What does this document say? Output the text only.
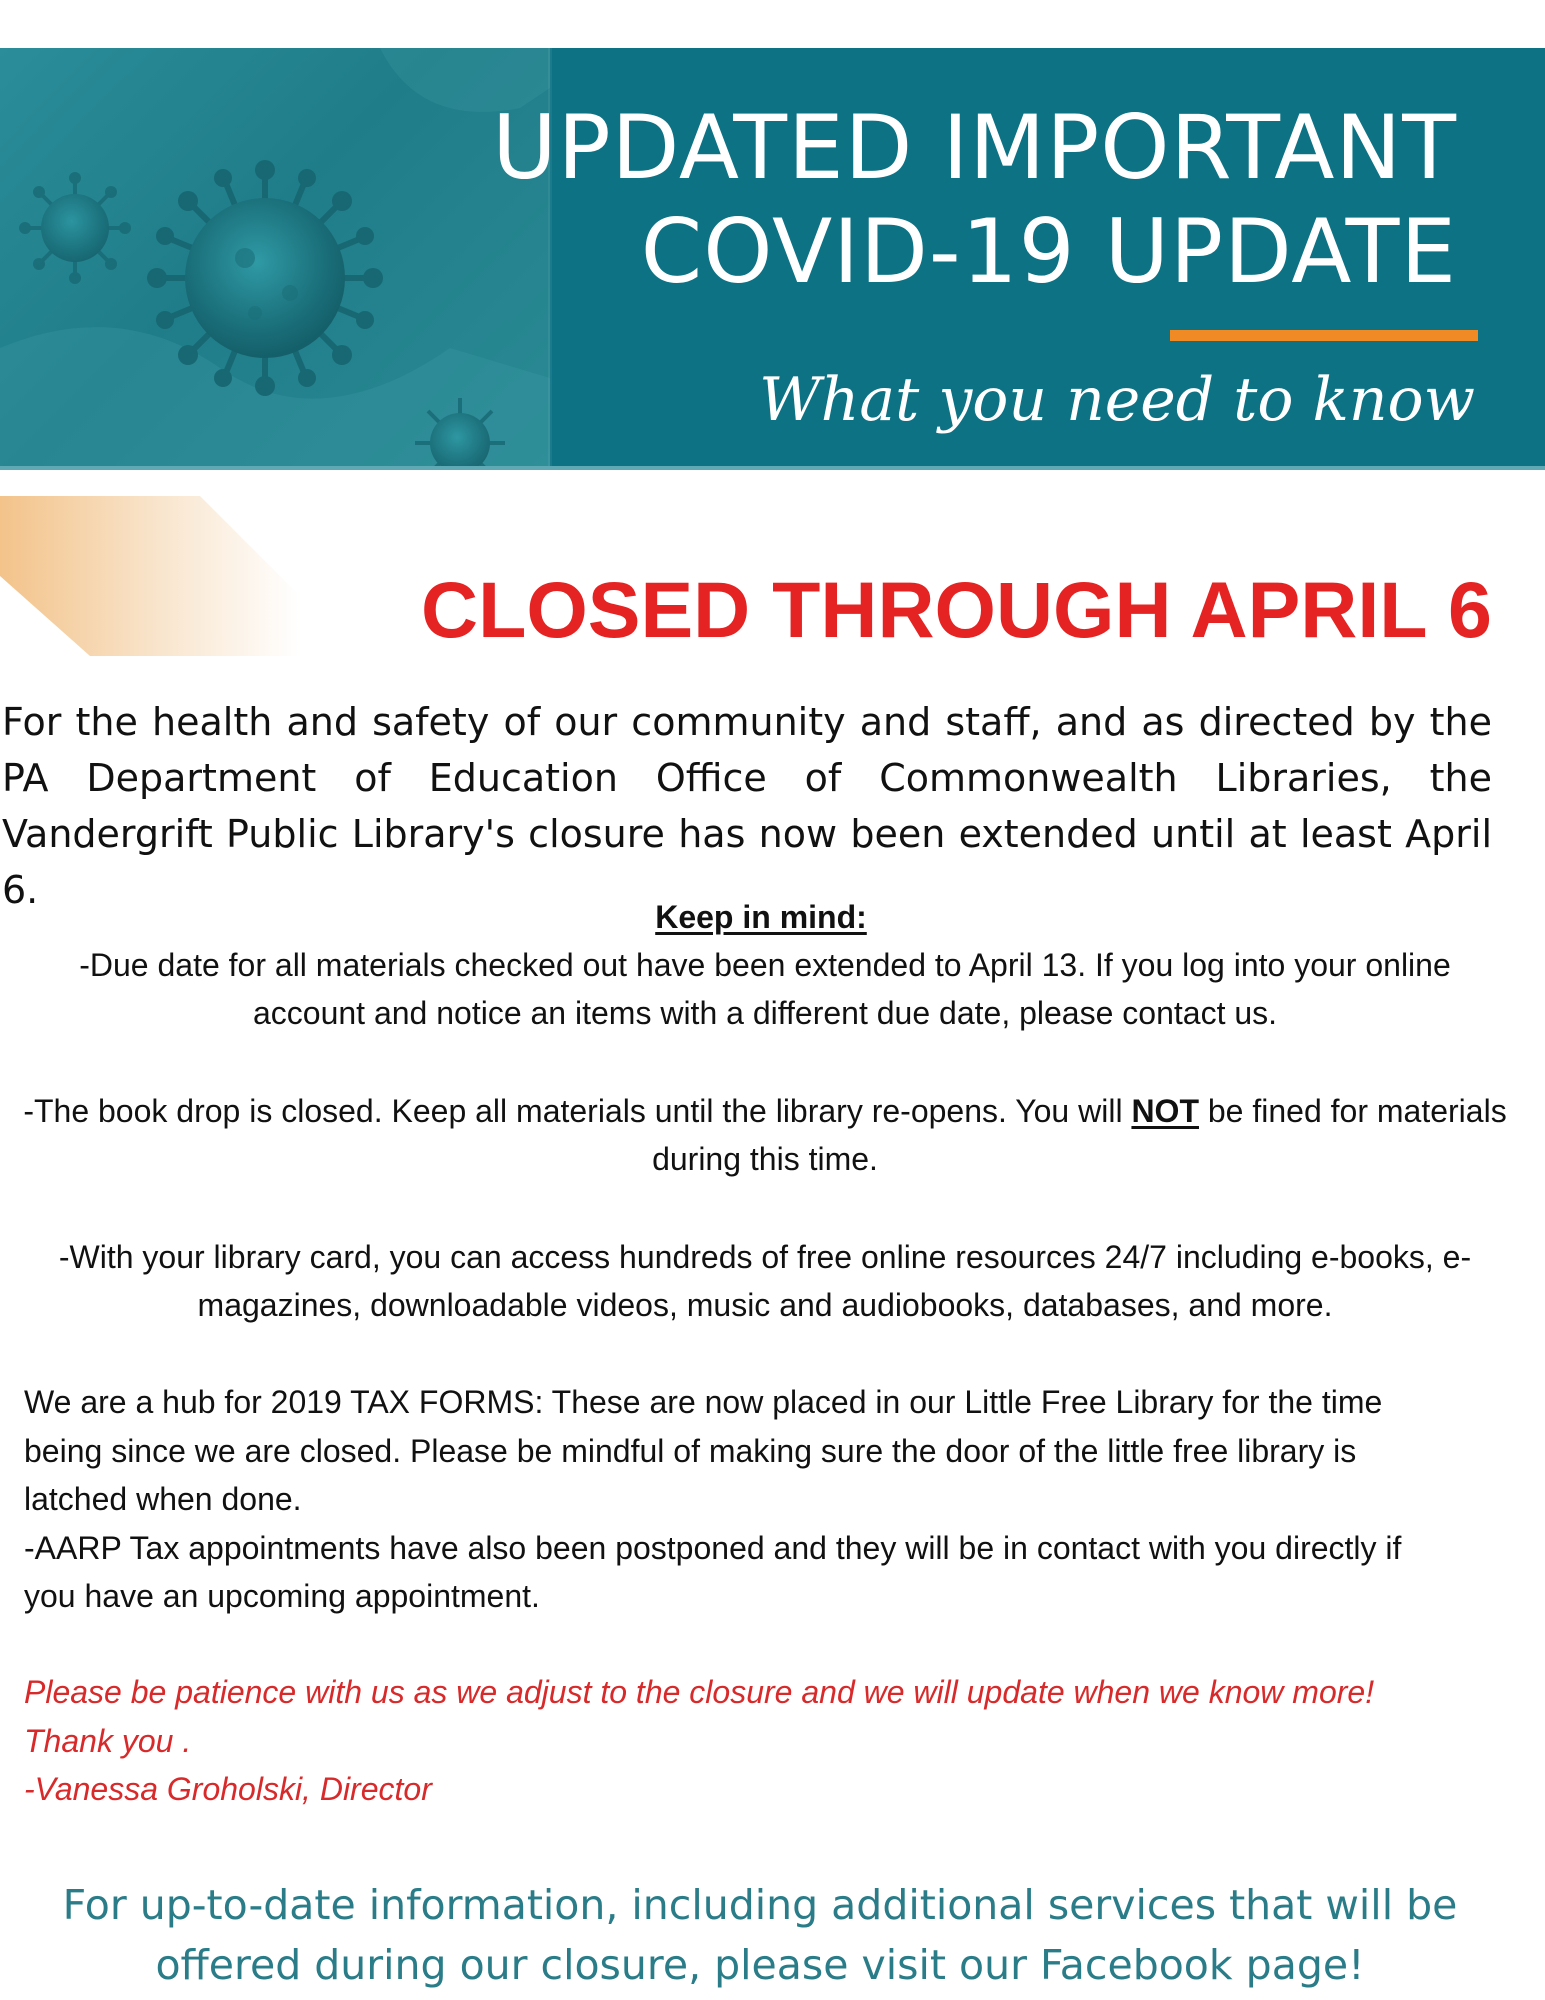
UPDATED IMPORTANT
COVID-19 UPDATE
What you need to know
CLOSED THROUGH APRIL 6

For the health and safety of our community and staff, and as directed by the PA Department of Education Office of Commonwealth Libraries, the Vandergrift Public Library's closure has now been extended until at least April 6.

Keep in mind:

-Due date for all materials checked out have been extended to April 13. If you log into your online account and notice an items with a different due date, please contact us.

-The book drop is closed. Keep all materials until the library re-opens. You will NOT be fined for materials during this time.

-With your library card, you can access hundreds of free online resources 24/7 including e-books, e-magazines, downloadable videos, music and audiobooks, databases, and more.

We are a hub for 2019 TAX FORMS: These are now placed in our Little Free Library for the time being since we are closed. Please be mindful of making sure the door of the little free library is latched when done.

-AARP Tax appointments have also been postponed and they will be in contact with you directly if you have an upcoming appointment.

Please be patience with us as we adjust to the closure and we will update when we know more!
Thank you .
-Vanessa Groholski, Director
For up-to-date information, including additional services that will be
offered during our closure, please visit our Facebook page!
